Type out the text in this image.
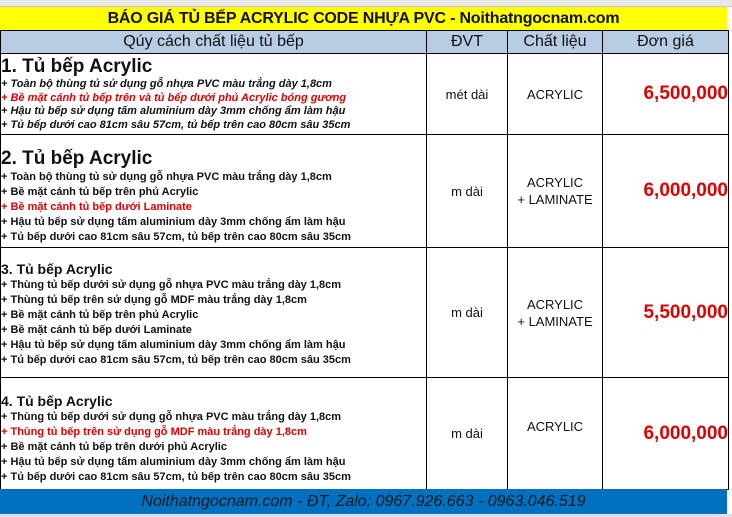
BÁO GIÁ TỦ BẾP ACRYLIC CODE NHỰA PVC - Noithatngocnam.com
Qúy cách chất liệu tủ bếp	ĐVT	Chất liệu	Đơn giá

1. Tủ bếp Acrylic
+ Toàn bộ thùng tủ sử dụng gỗ nhựa PVC màu trắng dày 1,8cm
+ Bề mặt cánh tủ bếp trên và tủ bếp dưới phủ Acrylic bóng gương
+ Hậu tủ bếp sử dụng tấm aluminium dày 3mm chống ẩm làm hậu
+ Tủ bếp dưới cao 81cm sâu 57cm, tủ bếp trên cao 80cm sâu 35cm	mét dài	ACRYLIC	6,500,000

2. Tủ bếp Acrylic
+ Toàn bộ thùng tủ sử dụng gỗ nhựa PVC màu trắng dày 1,8cm
+ Bề mặt cánh tủ bếp trên phủ Acrylic
+ Bề mặt cánh tủ bếp dưới Laminate
+ Hậu tủ bếp sử dụng tấm aluminium dày 3mm chống ẩm làm hậu
+ Tủ bếp dưới cao 81cm sâu 57cm, tủ bếp trên cao 80cm sâu 35cm
	m dài	
ACRYLIC
+ LAMINATE	6,000,000

3. Tủ bếp Acrylic
+ Thùng tủ bếp dưới sử dụng gỗ nhựa PVC màu trắng dày 1,8cm
+ Thùng tủ bếp trên sử dụng gỗ MDF màu trắng dày 1,8cm
+ Bề mặt cánh tủ bếp trên phủ Acrylic
+ Bề mặt cánh tủ bếp dưới Laminate
+ Hậu tủ bếp sử dụng tấm aluminium dày 3mm chống ẩm làm hậu
+ Tủ bếp dưới cao 81cm sâu 57cm, tủ bếp trên cao 80cm sâu 35cm
	m dài	
ACRYLIC
+ LAMINATE	5,500,000

4. Tủ bếp Acrylic
+ Thùng tủ bếp dưới sử dụng gỗ nhựa PVC màu trắng dày 1,8cm
+ Thùng tủ bếp trên sử dụng gỗ MDF màu trắng dày 1,8cm
+ Bề mặt cánh tủ bếp trên dưới phủ Acrylic
+ Hậu tủ bếp sử dụng tấm aluminium dày 3mm chống ẩm làm hậu
+ Tủ bếp dưới cao 81cm sâu 57cm, tủ bếp trên cao 80cm sâu 35cm
	m dài	ACRYLIC	6,000,000
Noithatngocnam.com - ĐT, Zalo: 0967.926.663 - 0963.046.519
